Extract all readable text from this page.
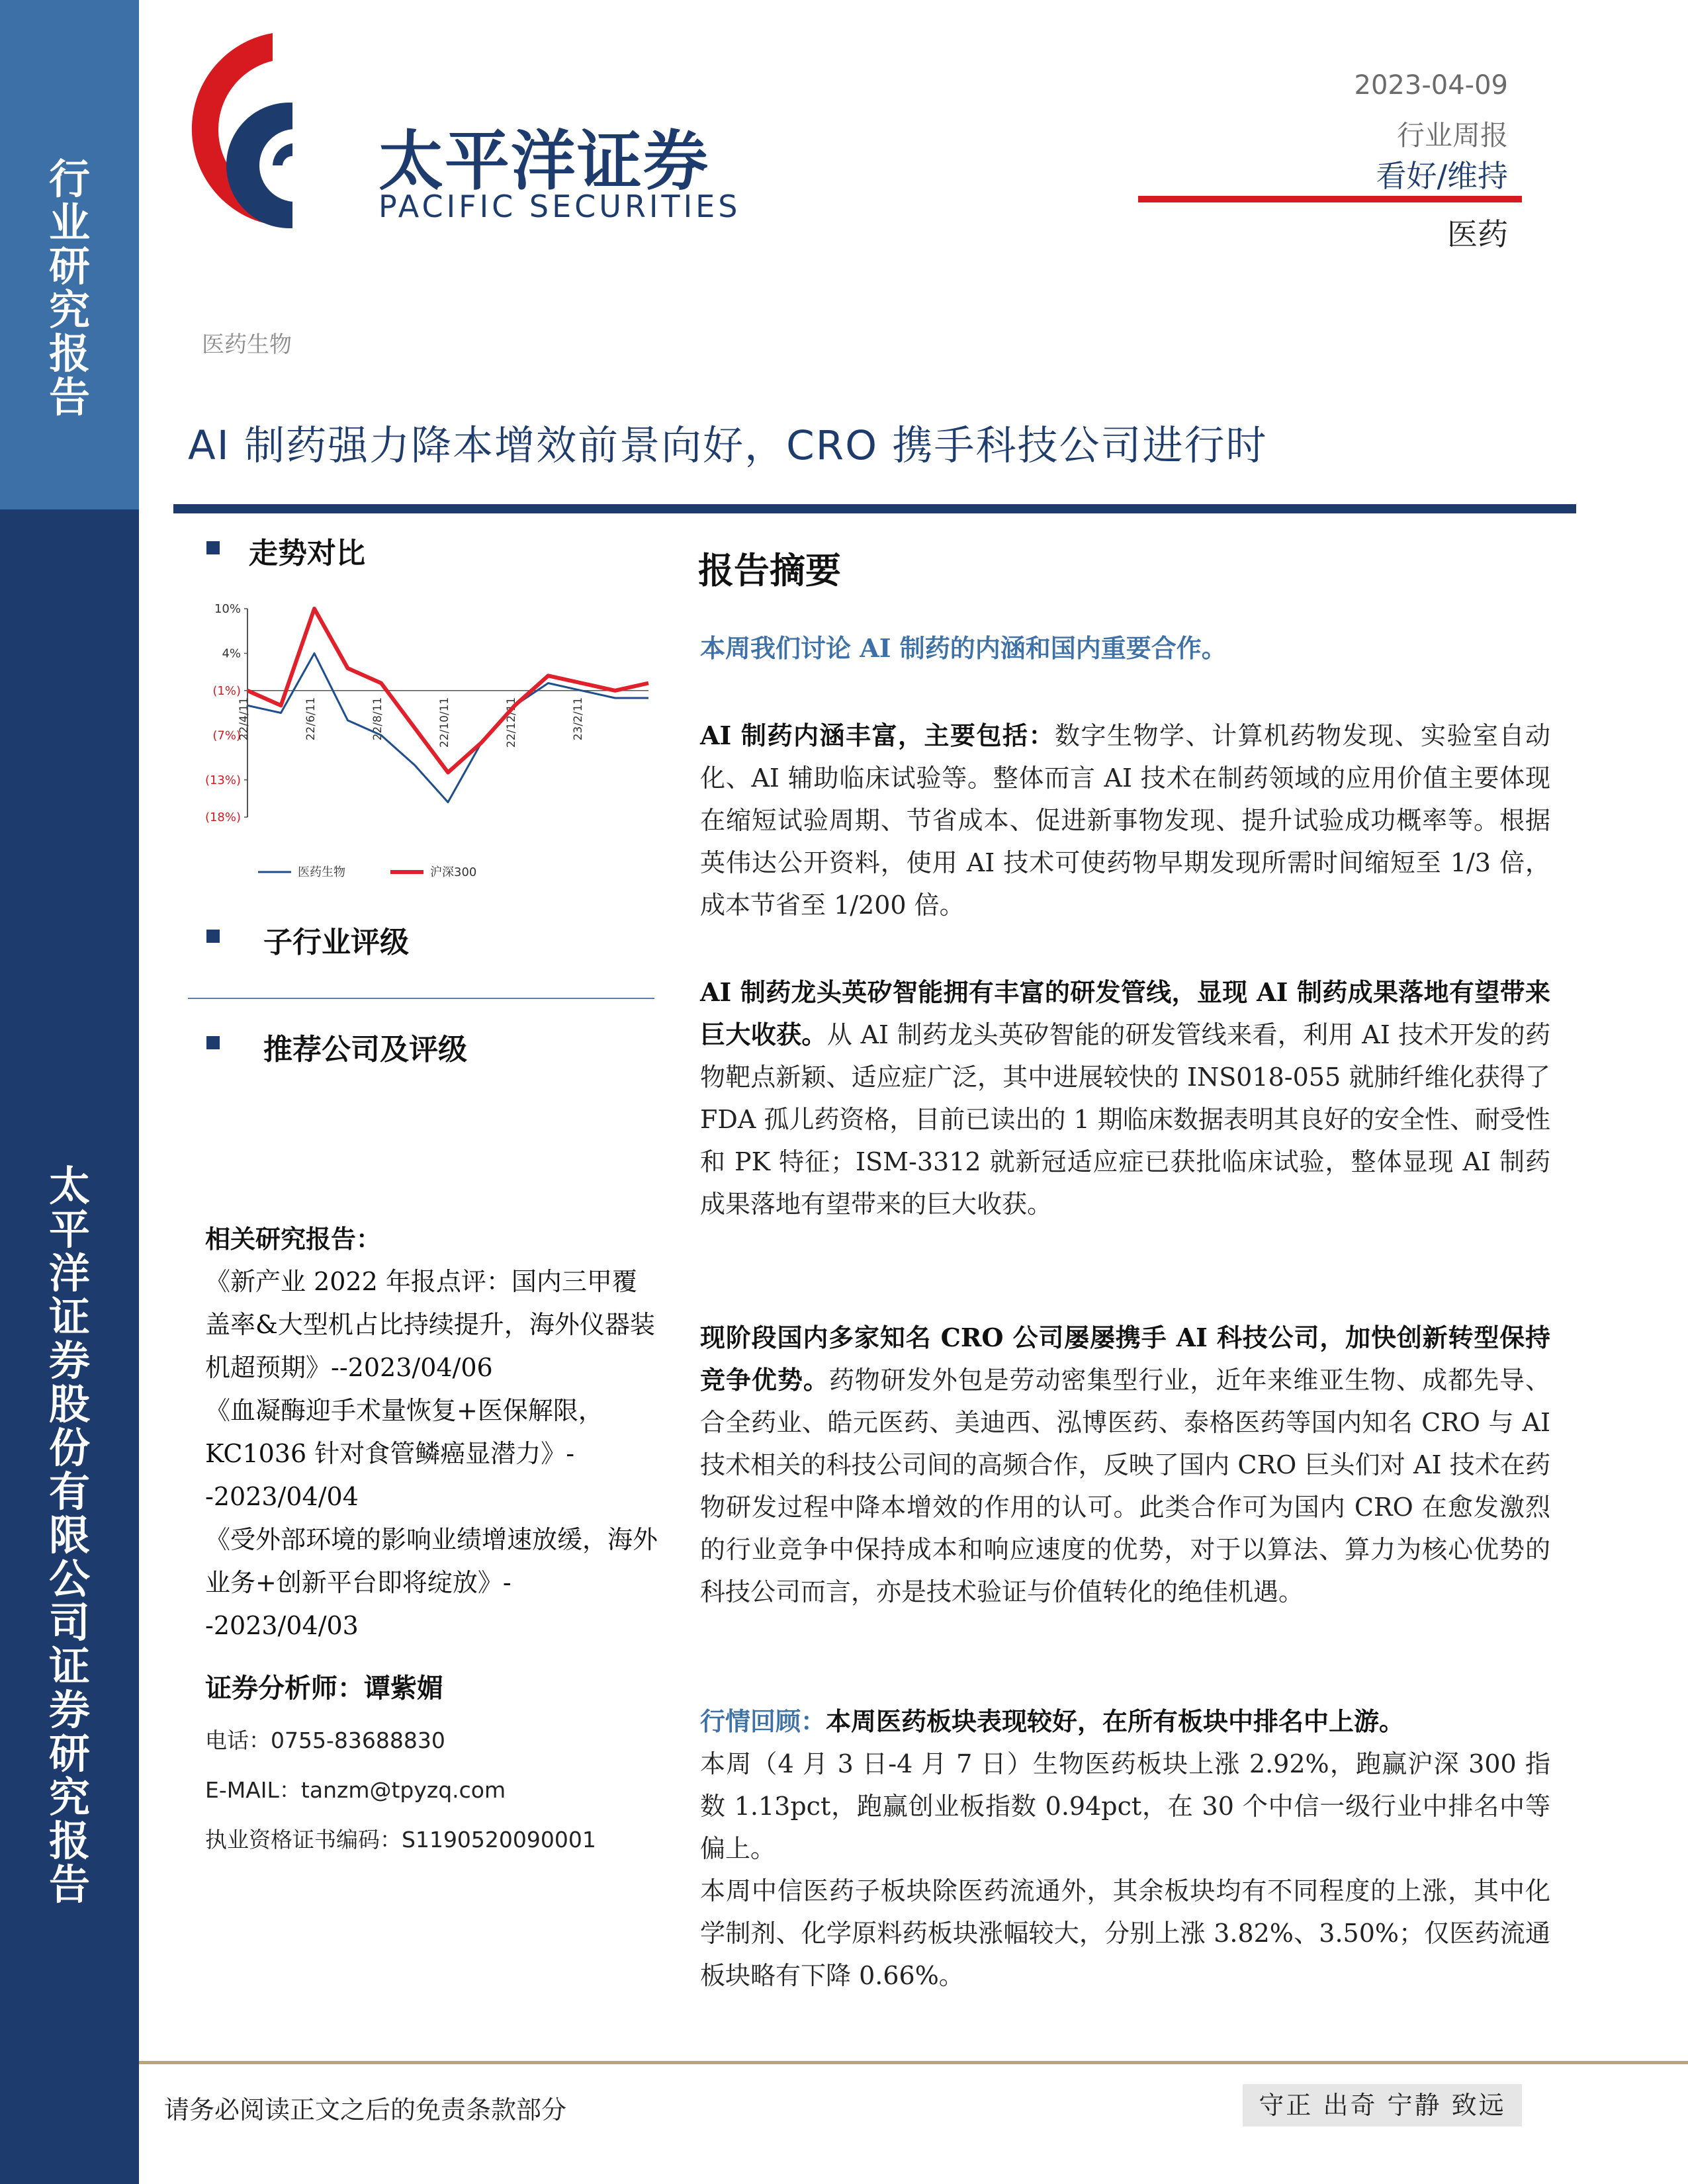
行
业
研
究
报
告
太
平
洋
证
券
股
份
有
限
公
司
证
券
研
究
报
告
太平洋证券
PACIFIC SECURITIES
2023-04-09
行业周报
看好/维持
医药
医药生物
AI 制药强力降本增效前景向好，CRO 携手科技公司进行时
走势对比
10%
4%
(1%)
(7%)
(13%)
(18%)
22/4/11	22/6/11	22/8/11	22/10/11	22/12/11	23/2/11
医药生物	沪深300
子行业评级
推荐公司及评级
相关研究报告：
《新产业 2022 年报点评：国内三甲覆盖率&大型机占比持续提升，海外仪器装机超预期》--2023/04/06
《血凝酶迎手术量恢复+医保解限，KC1036 针对食管鳞癌显潜力》--2023/04/04
《受外部环境的影响业绩增速放缓，海外业务+创新平台即将绽放》--2023/04/03
证券分析师：谭紫媚
电话：0755-83688830
E-MAIL：tanzm@tpyzq.com
执业资格证书编码：S1190520090001
报告摘要
本周我们讨论 AI 制药的内涵和国内重要合作。
AI 制药内涵丰富，主要包括：数字生物学、计算机药物发现、实验室自动化、AI 辅助临床试验等。整体而言 AI 技术在制药领域的应用价值主要体现在缩短试验周期、节省成本、促进新事物发现、提升试验成功概率等。根据英伟达公开资料，使用 AI 技术可使药物早期发现所需时间缩短至 1/3 倍，成本节省至 1/200 倍。
AI 制药龙头英矽智能拥有丰富的研发管线，显现 AI 制药成果落地有望带来巨大收获。从 AI 制药龙头英矽智能的研发管线来看，利用 AI 技术开发的药物靶点新颖、适应症广泛，其中进展较快的 INS018-055 就肺纤维化获得了 FDA 孤儿药资格，目前已读出的 1 期临床数据表明其良好的安全性、耐受性和 PK 特征；ISM-3312 就新冠适应症已获批临床试验，整体显现 AI 制药成果落地有望带来的巨大收获。
现阶段国内多家知名 CRO 公司屡屡携手 AI 科技公司，加快创新转型保持竞争优势。药物研发外包是劳动密集型行业，近年来维亚生物、成都先导、合全药业、皓元医药、美迪西、泓博医药、泰格医药等国内知名 CRO 与 AI 技术相关的科技公司间的高频合作，反映了国内 CRO 巨头们对 AI 技术在药物研发过程中降本增效的作用的认可。此类合作可为国内 CRO 在愈发激烈的行业竞争中保持成本和响应速度的优势，对于以算法、算力为核心优势的科技公司而言，亦是技术验证与价值转化的绝佳机遇。
行情回顾：本周医药板块表现较好，在所有板块中排名中上游。
本周（4 月 3 日-4 月 7 日）生物医药板块上涨 2.92%，跑赢沪深 300 指数 1.13pct，跑赢创业板指数 0.94pct，在 30 个中信一级行业中排名中等偏上。
本周中信医药子板块除医药流通外，其余板块均有不同程度的上涨，其中化学制剂、化学原料药板块涨幅较大，分别上涨 3.82%、3.50%；仅医药流通板块略有下降 0.66%。
请务必阅读正文之后的免责条款部分	守正 出奇 宁静 致远
